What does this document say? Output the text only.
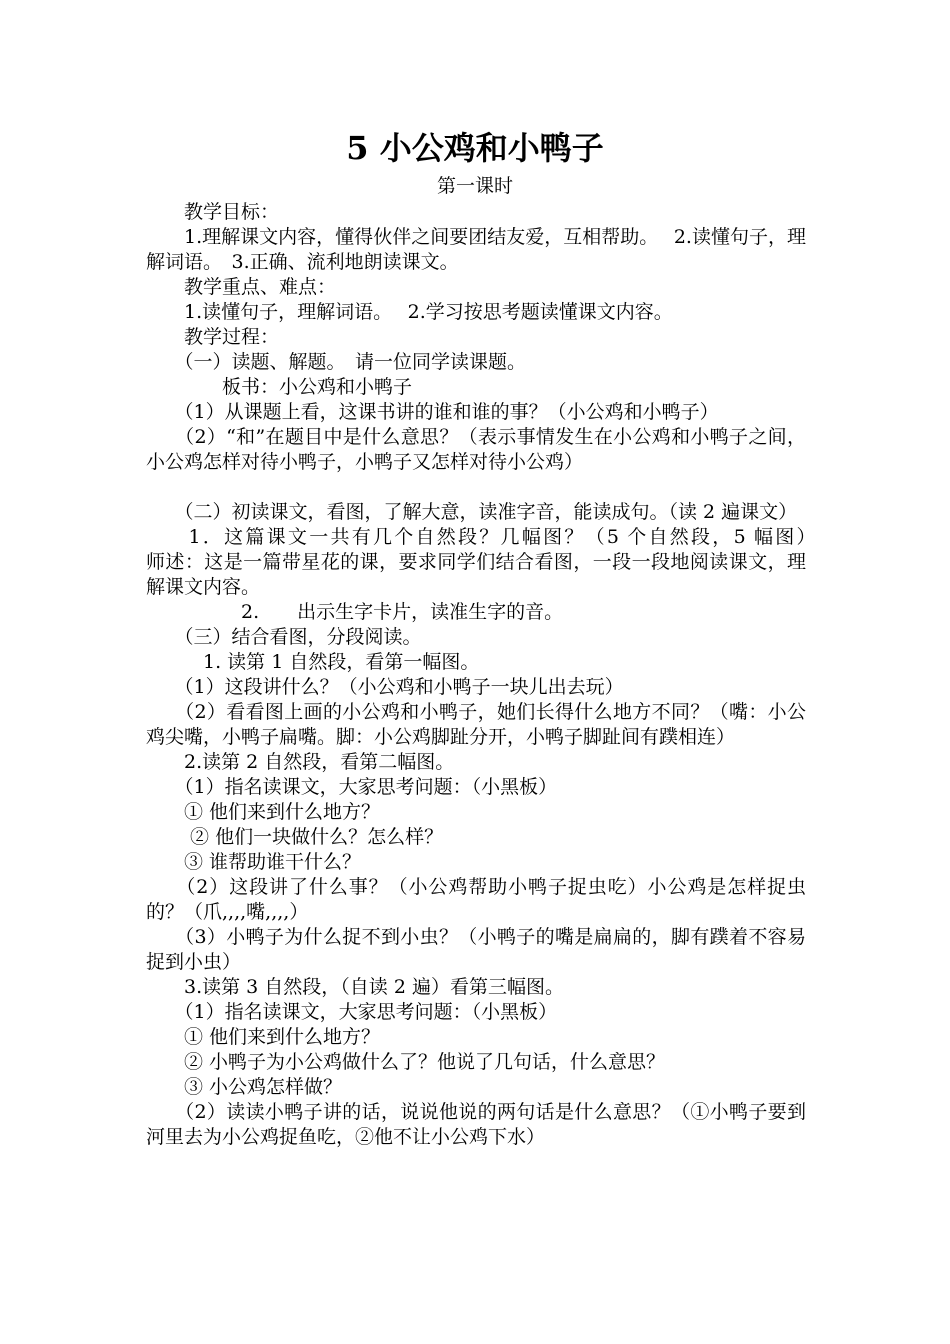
5 小公鸡和小鸭子
第一课时

　　教学目标：

　　1.理解课文内容，懂得伙伴之间要团结友爱，互相帮助。　 2.读懂句子，理解词语。　3.正确、流利地朗读课文。

　　教学重点、难点：

　　1.读懂句子，理解词语。　 2.学习按思考题读懂课文内容。

　　教学过程：

　　（一）读题、解题。　请一位同学读课题。

　　　　板书：小公鸡和小鸭子

　　（1）从课题上看，这课书讲的谁和谁的事？（小公鸡和小鸭子）

　　（2）“和”在题目中是什么意思？（表示事情发生在小公鸡和小鸭子之间，小公鸡怎样对待小鸭子，小鸭子又怎样对待小公鸡）

　　（二）初读课文，看图，了解大意，读准字音，能读成句。（读 2 遍课文）

　　1．这篇课文一共有几个自然段？几幅图？（5 个自然段，5 幅图）　　　　　师述：这是一篇带星花的课，要求同学们结合看图，一段一段地阅读课文，理解课文内容。

　　　　　2.　　出示生字卡片，读准生字的音。

　　（三）结合看图，分段阅读。

　　　1. 读第 1 自然段，看第一幅图。

　　（1）这段讲什么？（小公鸡和小鸭子一块儿出去玩）

　　（2）看看图上画的小公鸡和小鸭子，她们长得什么地方不同？（嘴：小公鸡尖嘴，小鸭子扁嘴。脚：小公鸡脚趾分开，小鸭子脚趾间有蹼相连）

　　2.读第 2 自然段，看第二幅图。

　　（1）指名读课文，大家思考问题：（小黑板）

　　① 他们来到什么地方？

　　 ② 他们一块做什么？怎么样？

　　③ 谁帮助谁干什么？

　　（2）这段讲了什么事？（小公鸡帮助小鸭子捉虫吃）小公鸡是怎样捉虫的？（爪,,,,嘴,,,,）

　　（3）小鸭子为什么捉不到小虫？（小鸭子的嘴是扁扁的，脚有蹼着不容易捉到小虫）

　　3.读第 3 自然段，（自读 2 遍）看第三幅图。

　　（1）指名读课文，大家思考问题：（小黑板）

　　① 他们来到什么地方？

　　② 小鸭子为小公鸡做什么了？他说了几句话，什么意思？

　　③ 小公鸡怎样做？

　　（2）读读小鸭子讲的话，说说他说的两句话是什么意思？（①小鸭子要到河里去为小公鸡捉鱼吃，②他不让小公鸡下水）
